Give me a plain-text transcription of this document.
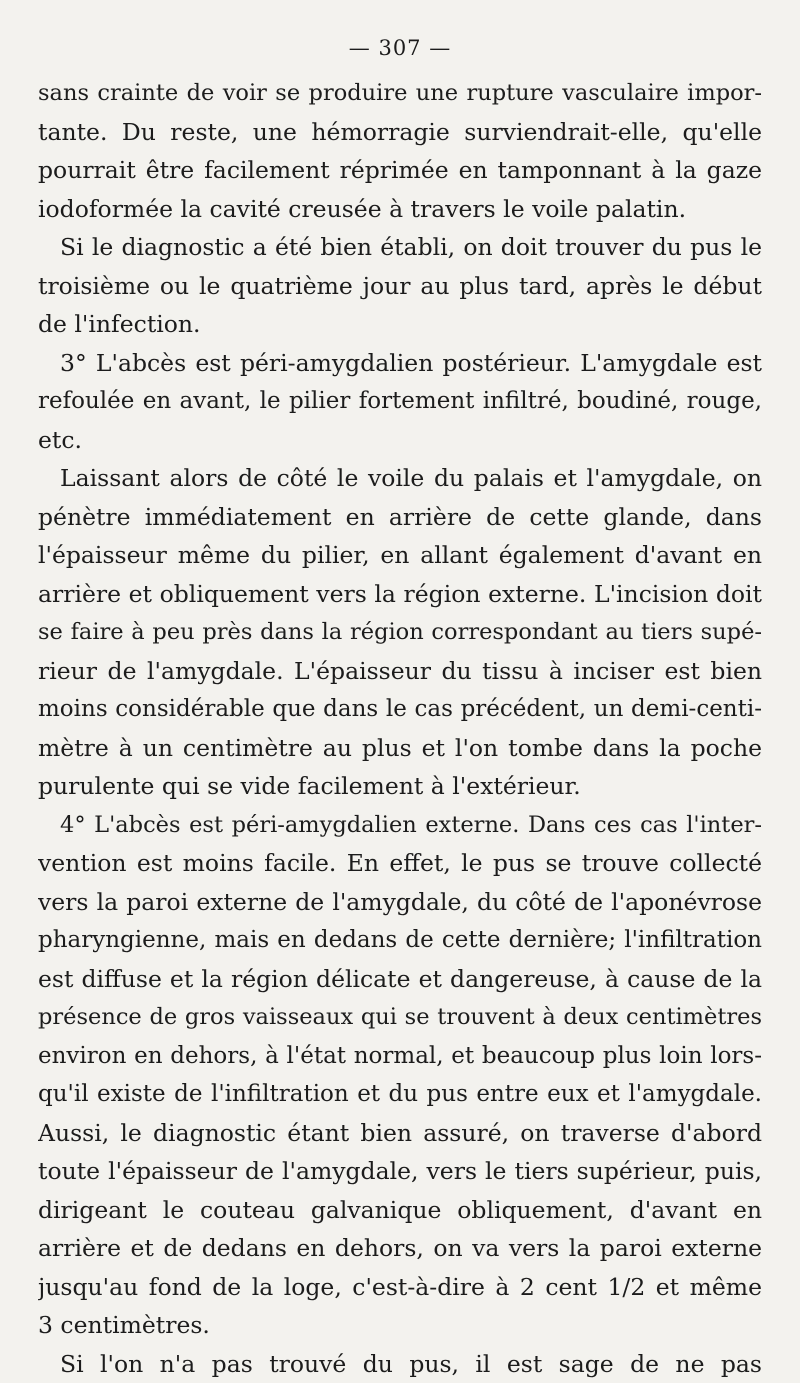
— 307 —
sans crainte de voir se produire une rupture vasculaire impor-
tante. Du reste, une hémorragie surviendrait-elle, qu'elle
pourrait être facilement réprimée en tamponnant à la gaze
iodoformée la cavité creusée à travers le voile palatin.
Si le diagnostic a été bien établi, on doit trouver du pus le
troisième ou le quatrième jour au plus tard, après le début
de l'infection.
3° L'abcès est péri-amygdalien postérieur. L'amygdale est
refoulée en avant, le pilier fortement infiltré, boudiné, rouge,
etc.
Laissant alors de côté le voile du palais et l'amygdale, on
pénètre immédiatement en arrière de cette glande, dans
l'épaisseur même du pilier, en allant également d'avant en
arrière et obliquement vers la région externe. L'incision doit
se faire à peu près dans la région correspondant au tiers supé-
rieur de l'amygdale. L'épaisseur du tissu à inciser est bien
moins considérable que dans le cas précédent, un demi-centi-
mètre à un centimètre au plus et l'on tombe dans la poche
purulente qui se vide facilement à l'extérieur.
4° L'abcès est péri-amygdalien externe. Dans ces cas l'inter-
vention est moins facile. En effet, le pus se trouve collecté
vers la paroi externe de l'amygdale, du côté de l'aponévrose
pharyngienne, mais en dedans de cette dernière; l'infiltration
est diffuse et la région délicate et dangereuse, à cause de la
présence de gros vaisseaux qui se trouvent à deux centimètres
environ en dehors, à l'état normal, et beaucoup plus loin lors-
qu'il existe de l'infiltration et du pus entre eux et l'amygdale.
Aussi, le diagnostic étant bien assuré, on traverse d'abord
toute l'épaisseur de l'amygdale, vers le tiers supérieur, puis,
dirigeant le couteau galvanique obliquement, d'avant en
arrière et de dedans en dehors, on va vers la paroi externe
jusqu'au fond de la loge, c'est-à-dire à 2 cent 1/2 et même
3 centimètres.
Si l'on n'a pas trouvé du pus, il est sage de ne pas
